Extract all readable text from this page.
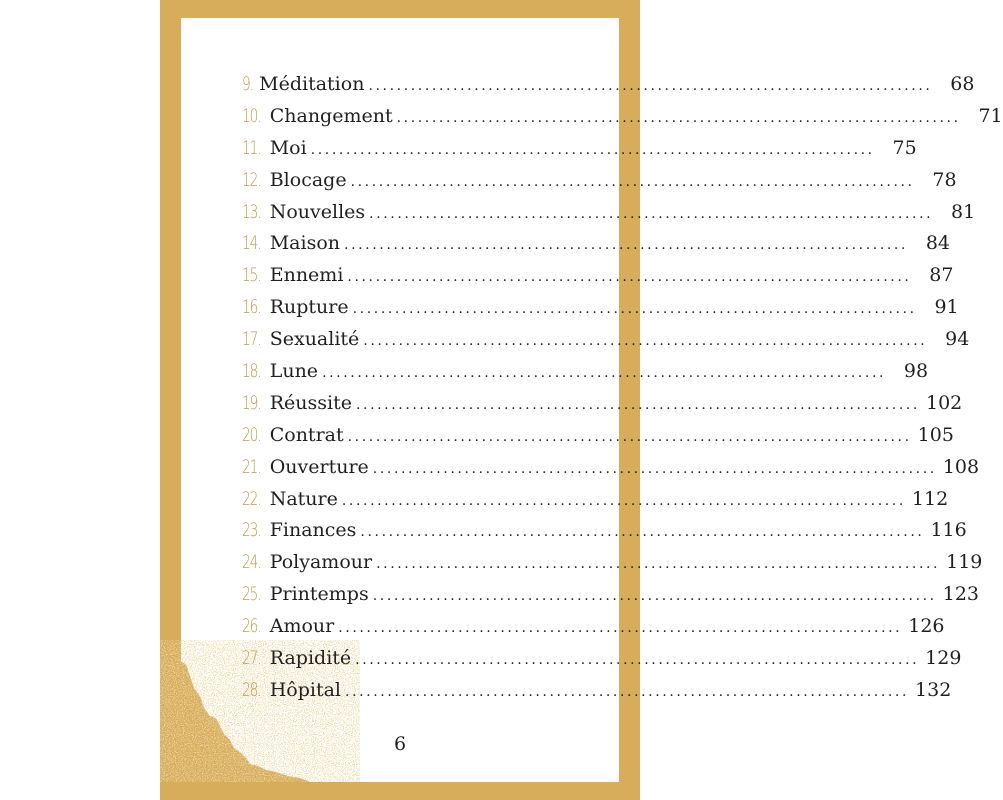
9. Méditation ................................................................................ 68
10. Changement ................................................................................ 71
11. Moi ................................................................................ 75
12. Blocage ................................................................................ 78
13. Nouvelles ................................................................................ 81
14. Maison ................................................................................ 84
15. Ennemi ................................................................................ 87
16. Rupture ................................................................................ 91
17. Sexualité ................................................................................ 94
18. Lune ................................................................................ 98
19. Réussite ................................................................................ 102
20. Contrat ................................................................................ 105
21. Ouverture ................................................................................ 108
22. Nature ................................................................................ 112
23. Finances ................................................................................ 116
24. Polyamour ................................................................................ 119
25. Printemps ................................................................................ 123
26. Amour ................................................................................ 126
27. Rapidité ................................................................................ 129
28. Hôpital ................................................................................ 132
6
